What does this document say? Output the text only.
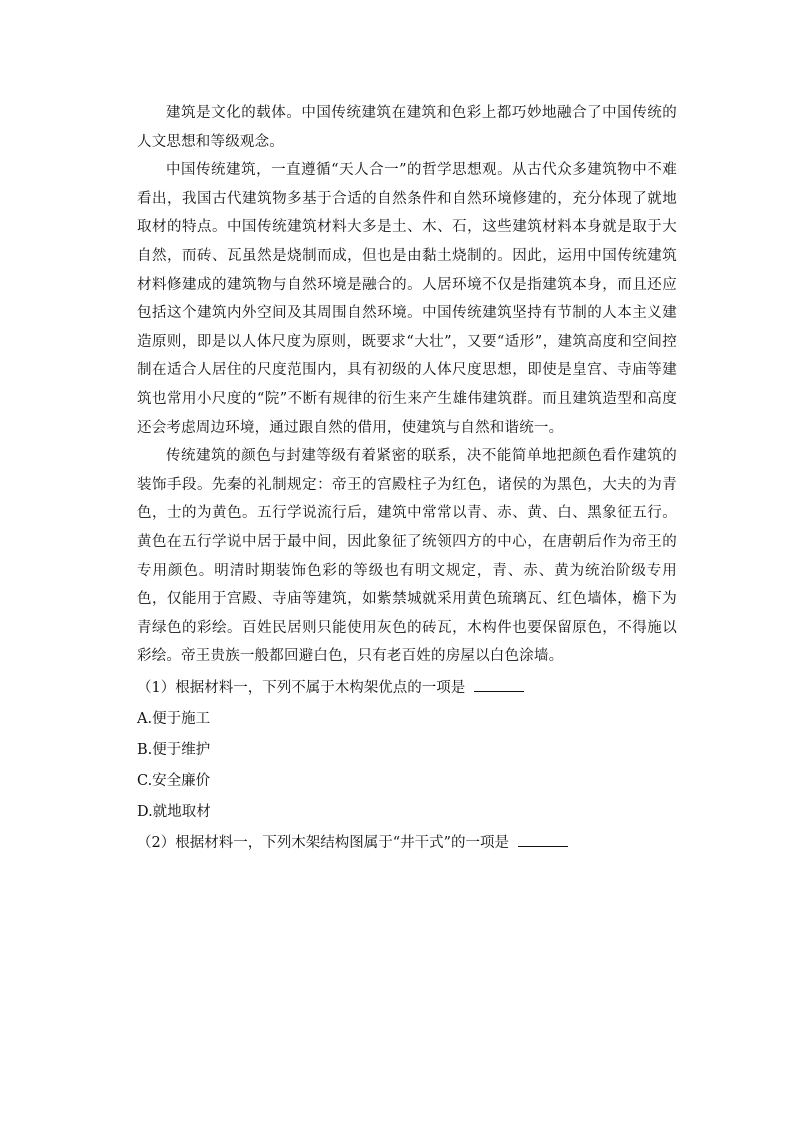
建筑是文化的载体。中国传统建筑在建筑和色彩上都巧妙地融合了中国传统的人文思想和等级观念。

中国传统建筑，一直遵循“天人合一”的哲学思想观。从古代众多建筑物中不难看出，我国古代建筑物多基于合适的自然条件和自然环境修建的，充分体现了就地取材的特点。中国传统建筑材料大多是土、木、石，这些建筑材料本身就是取于大自然，而砖、瓦虽然是烧制而成，但也是由黏土烧制的。因此，运用中国传统建筑材料修建成的建筑物与自然环境是融合的。人居环境不仅是指建筑本身，而且还应包括这个建筑内外空间及其周围自然环境。中国传统建筑坚持有节制的人本主义建造原则，即是以人体尺度为原则，既要求“大壮”，又要“适形”，建筑高度和空间控制在适合人居住的尺度范围内，具有初级的人体尺度思想，即使是皇宫、寺庙等建筑也常用小尺度的“院”不断有规律的衍生来产生雄伟建筑群。而且建筑造型和高度还会考虑周边环境，通过跟自然的借用，使建筑与自然和谐统一。

传统建筑的颜色与封建等级有着紧密的联系，决不能简单地把颜色看作建筑的装饰手段。先秦的礼制规定：帝王的宫殿柱子为红色，诸侯的为黑色，大夫的为青色，士的为黄色。五行学说流行后，建筑中常常以青、赤、黄、白、黑象征五行。黄色在五行学说中居于最中间，因此象征了统领四方的中心，在唐朝后作为帝王的专用颜色。明清时期装饰色彩的等级也有明文规定，青、赤、黄为统治阶级专用色，仅能用于宫殿、寺庙等建筑，如紫禁城就采用黄色琉璃瓦、红色墙体，檐下为青绿色的彩绘。百姓民居则只能使用灰色的砖瓦，木构件也要保留原色，不得施以彩绘。帝王贵族一般都回避白色，只有老百姓的房屋以白色涂墙。

（1）根据材料一，下列不属于木构架优点的一项是

A.便于施工

B.便于维护

C.安全廉价

D.就地取材

（2）根据材料一，下列木架结构图属于“井干式”的一项是
